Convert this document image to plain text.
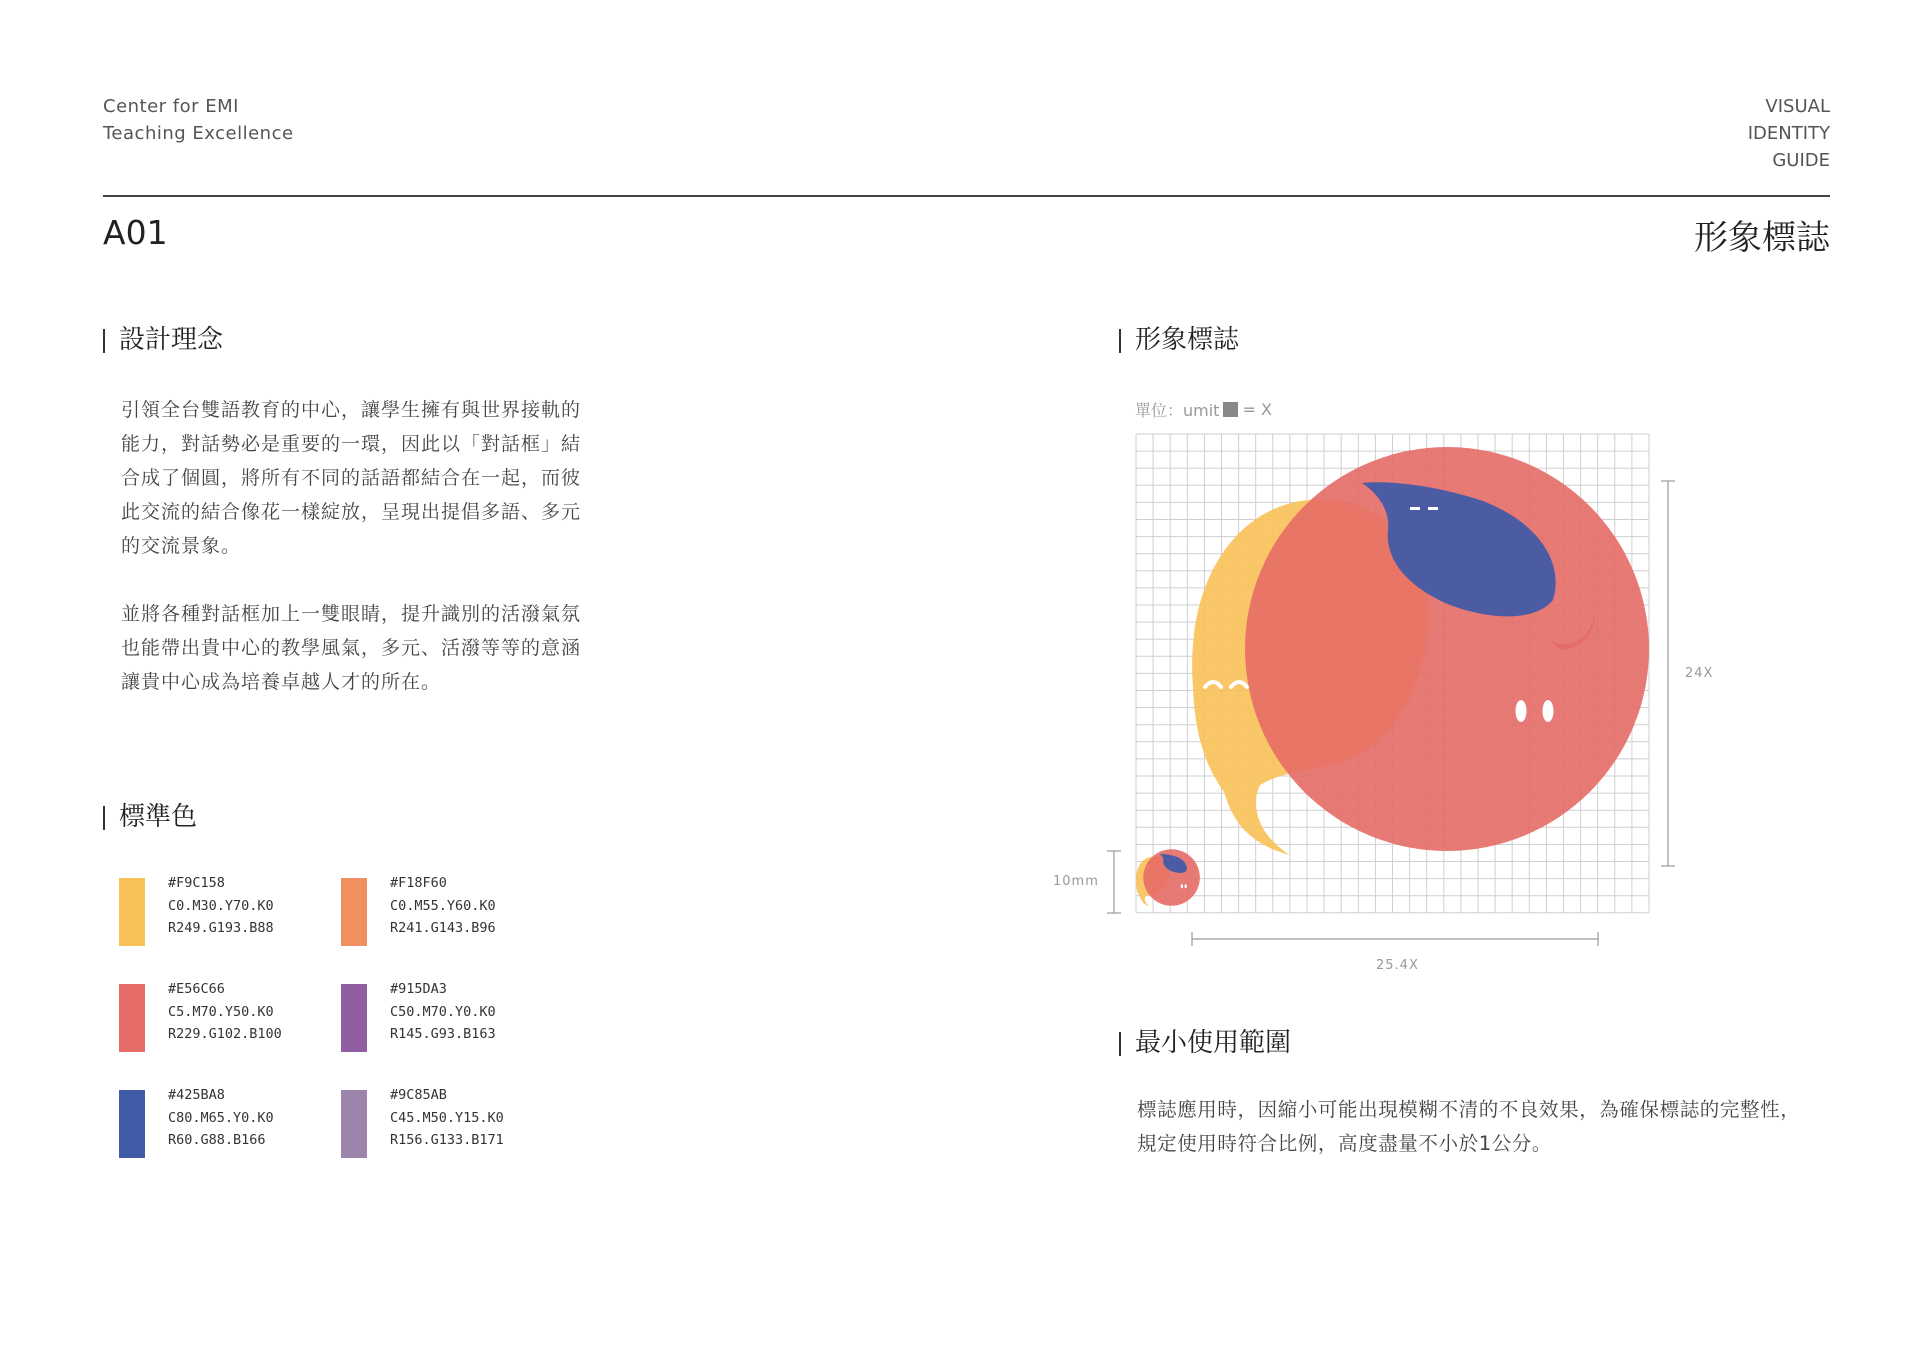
Center for EMI
Teaching Excellence
VISUAL
IDENTITY
GUIDE
A01	形象標誌
設計理念
引領全台雙語教育的中心，讓學生擁有與世界接軌的
能力，對話勢必是重要的一環，因此以「對話框」結
合成了個圓，將所有不同的話語都結合在一起，而彼
此交流的結合像花一樣綻放，呈現出提倡多語、多元
的交流景象。
並將各種對話框加上一雙眼睛，提升識別的活潑氣氛
也能帶出貴中心的教學風氣，多元、活潑等等的意涵
讓貴中心成為培養卓越人才的所在。
標準色
#F9C158
C0.M30.Y70.K0
R249.G193.B88
#F18F60
C0.M55.Y60.K0
R241.G143.B96
#E56C66
C5.M70.Y50.K0
R229.G102.B100
#915DA3
C50.M70.Y0.K0
R145.G93.B163
#425BA8
C80.M65.Y0.K0
R60.G88.B166
#9C85AB
C45.M50.Y15.K0
R156.G133.B171
形象標誌
單位：umit = X
24X
25.4X
10mm
最小使用範圍
標誌應用時，因縮小可能出現模糊不清的不良效果，為確保標誌的完整性，
規定使用時符合比例，高度盡量不小於1公分。
